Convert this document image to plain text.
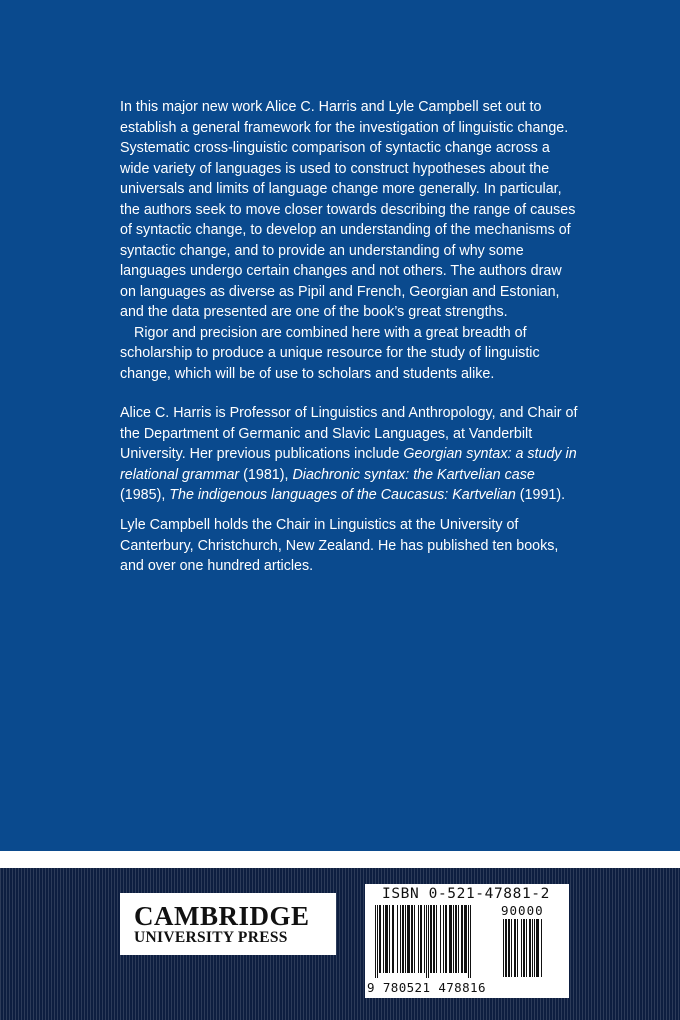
In this major new work Alice C. Harris and Lyle Campbell set out to establish a general framework for the investigation of linguistic change. Systematic cross-linguistic comparison of syntactic change across a wide variety of languages is used to construct hypotheses about the universals and limits of language change more generally. In particular, the authors seek to move closer towards describing the range of causes of syntactic change, to develop an understanding of the mechanisms of syntactic change, and to provide an understanding of why some languages undergo certain changes and not others. The authors draw on languages as diverse as Pipil and French, Georgian and Estonian, and the data presented are one of the book’s great strengths.

Rigor and precision are combined here with a great breadth of scholarship to produce a unique resource for the study of linguistic change, which will be of use to scholars and students alike.

Alice C. Harris is Professor of Linguistics and Anthropology, and Chair of the Department of Germanic and Slavic Languages, at Vanderbilt University. Her previous publications include Georgian syntax: a study in relational grammar (1981), Diachronic syntax: the Kartvelian case (1985), The indigenous languages of the Caucasus: Kartvelian (1991).

Lyle Campbell holds the Chair in Linguistics at the University of Canterbury, Christchurch, New Zealand. He has published ten books, and over one hundred articles.

CAMBRIDGE
UNIVERSITY PRESS
ISBN 0-521-47881-2
90000
9 780521 478816
